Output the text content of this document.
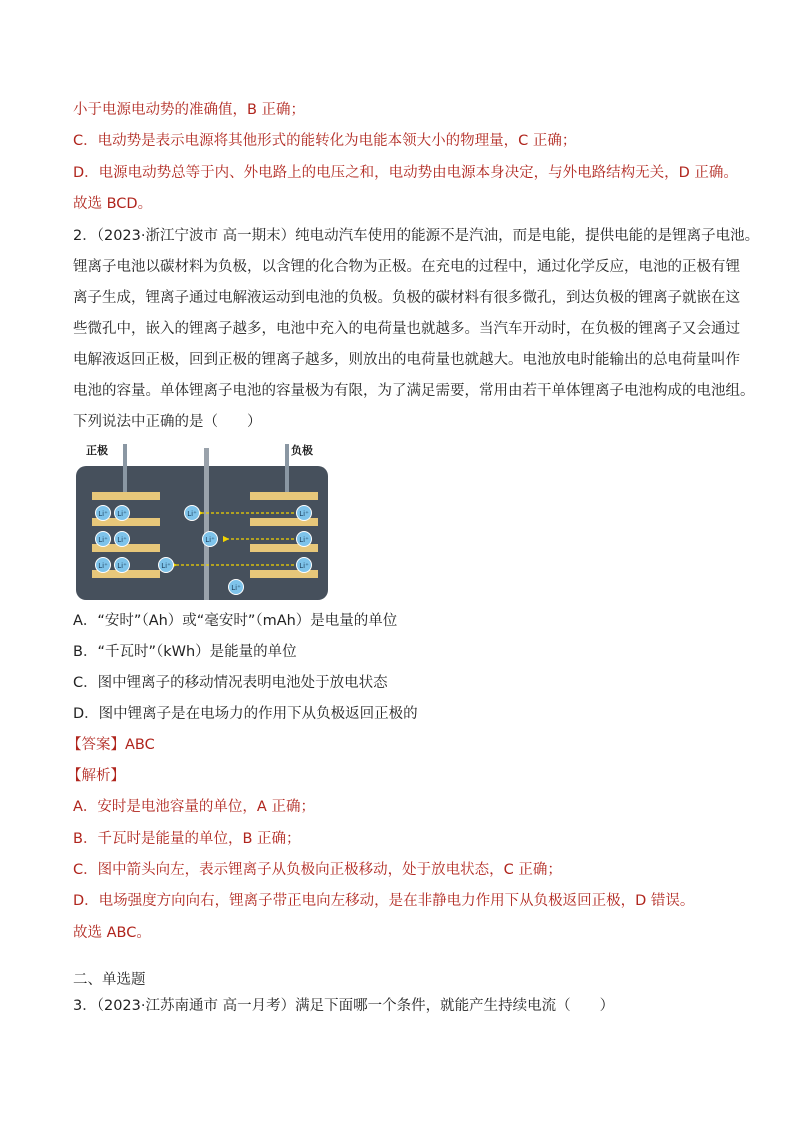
小于电源电动势的准确值，B 正确；
C．电动势是表示电源将其他形式的能转化为电能本领大小的物理量，C 正确；
D．电源电动势总等于内、外电路上的电压之和，电动势由电源本身决定，与外电路结构无关，D 正确。
故选 BCD。
2．（2023·浙江宁波市 高一期末）纯电动汽车使用的能源不是汽油，而是电能，提供电能的是锂离子电池。
锂离子电池以碳材料为负极，以含锂的化合物为正极。在充电的过程中，通过化学反应，电池的正极有锂
离子生成，锂离子通过电解液运动到电池的负极。负极的碳材料有很多微孔，到达负极的锂离子就嵌在这
些微孔中，嵌入的锂离子越多，电池中充入的电荷量也就越多。当汽车开动时，在负极的锂离子又会通过
电解液返回正极，回到正极的锂离子越多，则放出的电荷量也就越大。电池放电时能输出的总电荷量叫作
电池的容量。单体锂离子电池的容量极为有限，为了满足需要，常用由若干单体锂离子电池构成的电池组。
下列说法中正确的是（　　）
正极	负极
Li⁺ Li⁺
Li⁺ Li⁺
Li⁺ Li⁺
Li⁺
Li⁺
Li⁺
Li⁺
Li⁺
Li⁺
Li⁺
A．“安时”（Ah）或“毫安时”（mAh）是电量的单位
B．“千瓦时”（kWh）是能量的单位
C．图中锂离子的移动情况表明电池处于放电状态
D．图中锂离子是在电场力的作用下从负极返回正极的
【答案】ABC
【解析】
A．安时是电池容量的单位，A 正确；
B．千瓦时是能量的单位，B 正确；
C．图中箭头向左，表示锂离子从负极向正极移动，处于放电状态，C 正确；
D．电场强度方向向右，锂离子带正电向左移动，是在非静电力作用下从负极返回正极，D 错误。
故选 ABC。
二、单选题
3．（2023·江苏南通市 高一月考）满足下面哪一个条件，就能产生持续电流（　　）
